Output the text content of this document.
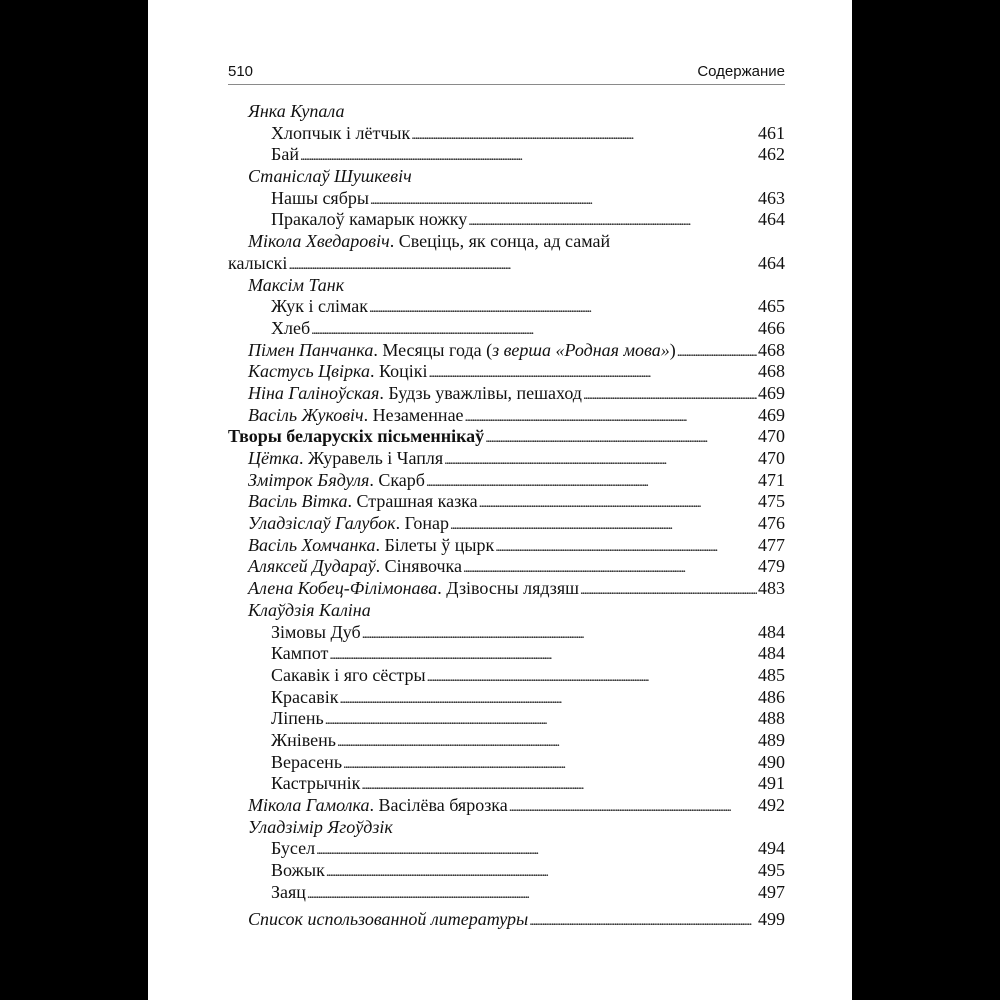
510	Содержание
Янка Купала
Хлопчык і лётчык . . .	461
Бай . . .	462
Станіслаў Шушкевіч
Нашы сябры . . .	463
Пракалоў камарык ножку . . .	464
Мікола Хведаровіч. Свеціць, як сонца, ад самай
калыскі . . .	464
Максім Танк
Жук і слімак . . .	465
Хлеб . . .	466
Пімен Панчанка. Месяцы года (з верша «Родная мова») . . .	468
Кастусь Цвірка. Коцікі . . .	468
Ніна Галіноўская. Будзь уважлівы, пешаход . . .	469
Васіль Жуковіч. Незаменнае . . .	469
Творы беларускіх пісьменнікаў . . .	470
Цётка. Журавель і Чапля . . .	470
Змітрок Бядуля. Скарб . . .	471
Васіль Вітка. Страшная казка . . .	475
Уладзіслаў Галубок. Гонар . . .	476
Васіль Хомчанка. Білеты ў цырк . . .	477
Аляксей Дудараў. Сінявочка . . .	479
Алена Кобец-Філімонава. Дзівосны лядзяш . . .	483
Клаўдзія Каліна
Зімовы Дуб . . .	484
Кампот . . .	484
Сакавік і яго сёстры . . .	485
Красавік . . .	486
Ліпень . . .	488
Жнівень . . .	489
Верасень . . .	490
Кастрычнік . . .	491
Мікола Гамолка. Васілёва бярозка . . .	492
Уладзімір Ягоўдзік
Бусел . . .	494
Вожык . . .	495
Заяц . . .	497
Список использованной литературы . . .	499
